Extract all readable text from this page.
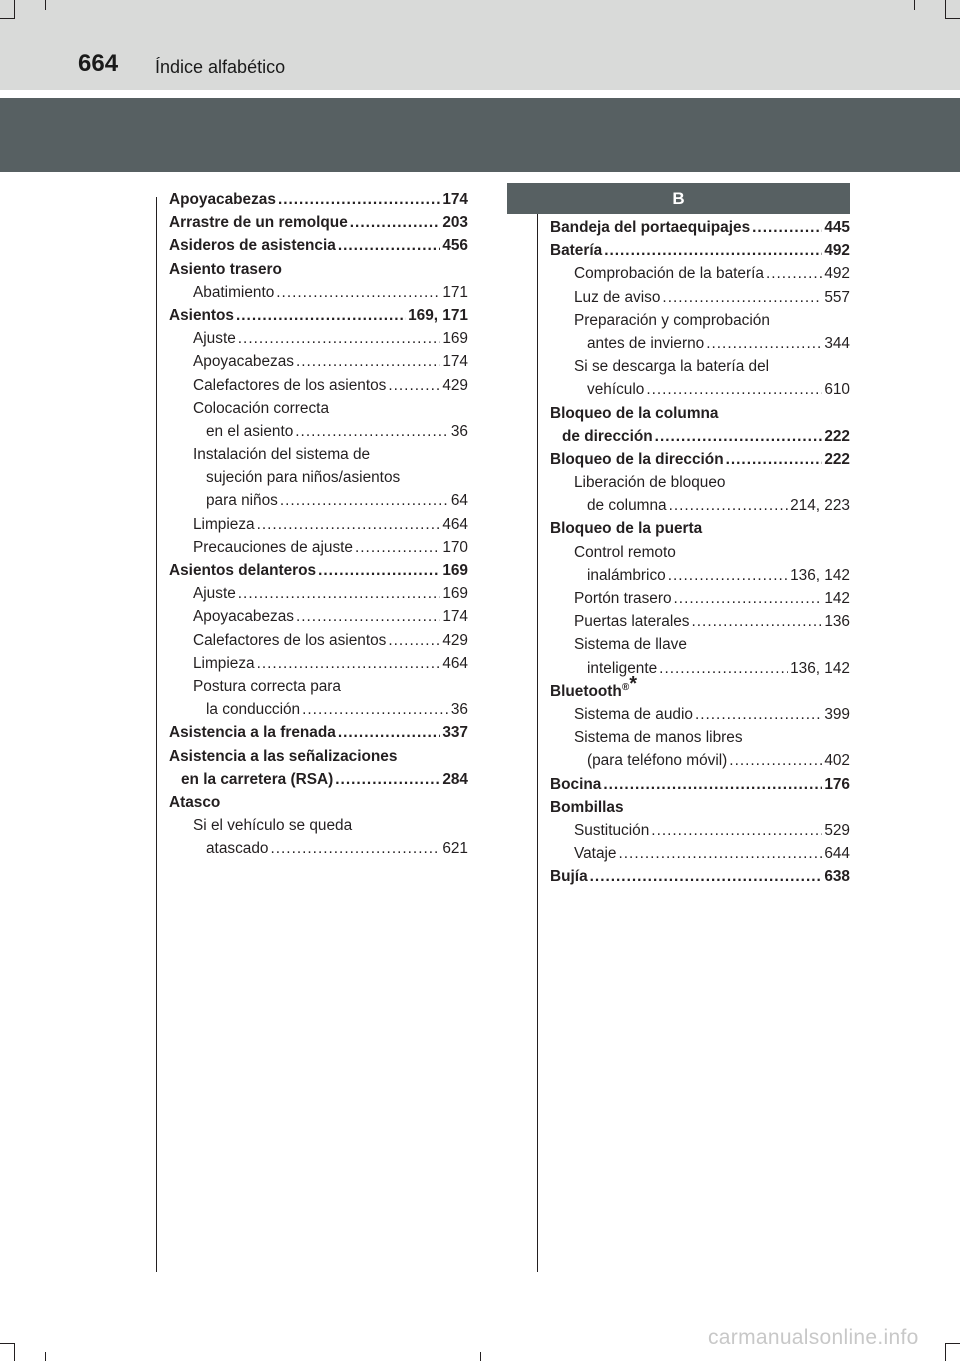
664 Índice alfabético
B
Apoyacabezas .....	174
Arrastre de un remolque .....	203
Asideros de asistencia .....	456
Asiento trasero
Abatimiento .....	171
Asientos .....	169, 171
Ajuste .....	169
Apoyacabezas .....	174
Calefactores de los asientos .....	429
Colocación correcta
en el asiento .....	36
Instalación del sistema de
sujeción para niños/asientos
para niños .....	64
Limpieza .....	464
Precauciones de ajuste .....	170
Asientos delanteros .....	169
Ajuste .....	169
Apoyacabezas .....	174
Calefactores de los asientos .....	429
Limpieza .....	464
Postura correcta para
la conducción .....	36
Asistencia a la frenada .....	337
Asistencia a las señalizaciones
en la carretera (RSA) .....	284
Atasco
Si el vehículo se queda
atascado .....	621
Bandeja del portaequipajes .....	445
Batería .....	492
Comprobación de la batería .....	492
Luz de aviso .....	557
Preparación y comprobación
antes de invierno .....	344
Si se descarga la batería del
vehículo .....	610
Bloqueo de la columna
de dirección .....	222
Bloqueo de la dirección .....	222
Liberación de bloqueo
de columna .....	214, 223
Bloqueo de la puerta
Control remoto
inalámbrico .....	136, 142
Portón trasero .....	142
Puertas laterales .....	136
Sistema de llave
inteligente .....	136, 142
Bluetooth®*
Sistema de audio .....	399
Sistema de manos libres
(para teléfono móvil) .....	402
Bocina .....	176
Bombillas
Sustitución .....	529
Vataje .....	644
Bujía .....	638
carmanualsonline.info
